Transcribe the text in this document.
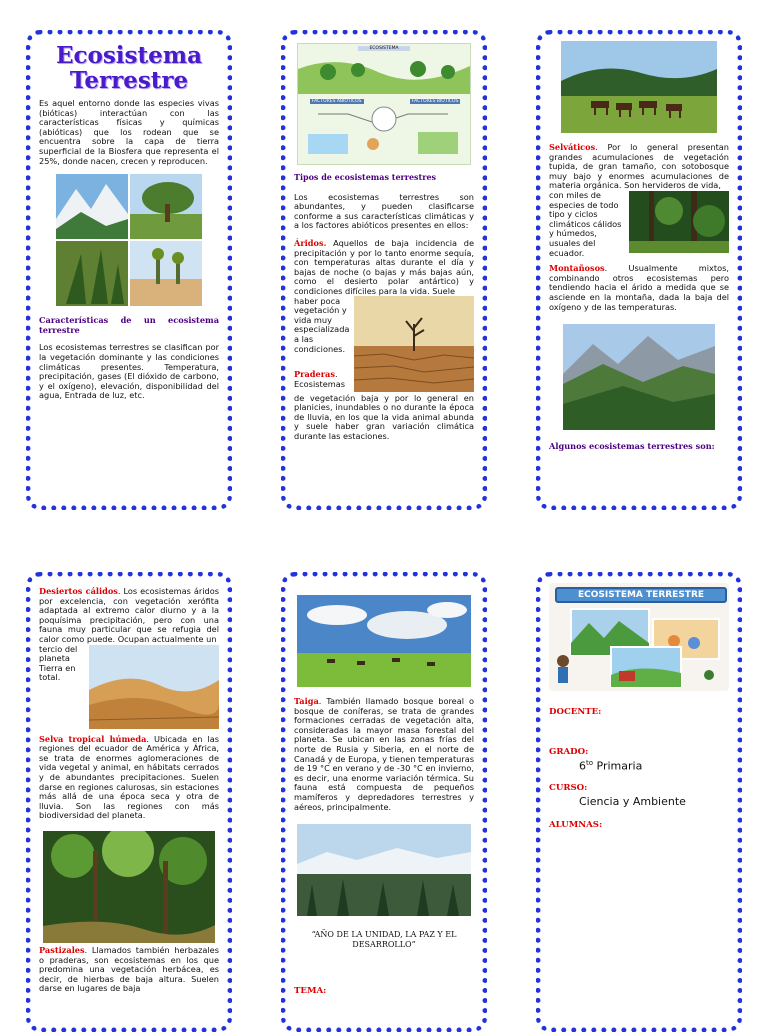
Ecosistema
Terrestre

Es aquel entorno donde las especies vivas (bióticas) interactúan con las características físicas y químicas (abióticas) que los rodean que se encuentra sobre la capa de tierra superficial de la Biosfera que representa el 25%, donde nacen, crecen y reproducen.

Características de un ecosistema terrestre

Los ecosistemas terrestres se clasifican por la vegetación dominante y las condiciones climáticas presentes. Temperatura, precipitación, gases (El dióxido de carbono, y el oxígeno), elevación, disponibilidad del agua, Entrada de luz, etc.

ECOSISTEMA
FACTORES ABIÓTICOS	FACTORES BIÓTICOS

Tipos de ecosistemas terrestres

Los ecosistemas terrestres son abundantes, y pueden clasificarse conforme a sus características climáticas y a los factores abióticos presentes en ellos:

Áridos. Aquellos de baja incidencia de precipitación y por lo tanto enorme sequía, con temperaturas altas durante el día y bajas de noche (o bajas y más bajas aún, como el desierto polar antártico) y condiciones difíciles para la vida. Suele

haber poca vegetación y vida muy especializada a las condiciones.

Praderas. Ecosistemas

de vegetación baja y por lo general en planicies, inundables o no durante la época de lluvia, en los que la vida animal abunda y suele haber gran variación climática durante las estaciones.

Selváticos. Por lo general presentan grandes acumulaciones de vegetación tupida, de gran tamaño, con sotobosque muy bajo y enormes acumulaciones de materia orgánica. Son hervideros de vida,

con miles de especies de todo tipo y ciclos climáticos cálidos y húmedos, usuales del ecuador.

Montañosos. Usualmente mixtos, combinando otros ecosistemas pero tendiendo hacia el árido a medida que se asciende en la montaña, dada la baja del oxígeno y de las temperaturas.

Algunos ecosistemas terrestres son:

Desiertos cálidos. Los ecosistemas áridos por excelencia, con vegetación xerófita adaptada al extremo calor diurno y a la poquísima precipitación, pero con una fauna muy particular que se refugia del calor como puede. Ocupan actualmente un

tercio del planeta Tierra en total.

Selva tropical húmeda. Ubicada en las regiones del ecuador de América y África, se trata de enormes aglomeraciones de vida vegetal y animal, en hábitats cerrados y de abundantes precipitaciones. Suelen darse en regiones calurosas, sin estaciones más allá de una época seca y otra de lluvia. Son las regiones con más biodiversidad del planeta.

Pastizales. Llamados también herbazales o praderas, son ecosistemas en los que predomina una vegetación herbácea, es decir, de hierbas de baja altura. Suelen darse en lugares de baja

Taiga. También llamado bosque boreal o bosque de coníferas, se trata de grandes formaciones cerradas de vegetación alta, consideradas la mayor masa forestal del planeta. Se ubican en las zonas frías del norte de Rusia y Siberia, en el norte de Canadá y de Europa, y tienen temperaturas de 19 °C en verano y de -30 °C en invierno, es decir, una enorme variación térmica. Su fauna está compuesta de pequeños mamíferos y depredadores terrestres y aéreos, principalmente.

“AÑO DE LA UNIDAD, LA PAZ Y EL DESARROLLO”

TEMA:

ECOSISTEMA TERRESTRE

DOCENTE:

GRADO:

$6^{to}$ Primaria

CURSO:

Ciencia y Ambiente

ALUMNAS:
